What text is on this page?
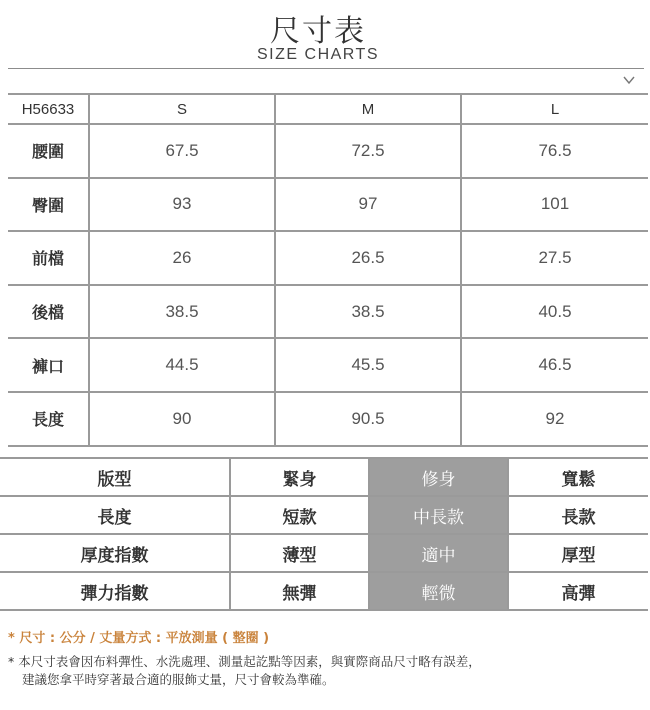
尺寸表
SIZE CHARTS
H56633	S	M	L
腰圍	67.5	72.5	76.5
臀圍	93	97	101
前檔	26	26.5	27.5
後檔	38.5	38.5	40.5
褲口	44.5	45.5	46.5
長度	90	90.5	92
版型	緊身	修身	寬鬆
長度	短款	中長款	長款
厚度指數	薄型	適中	厚型
彈力指數	無彈	輕微	高彈
* 尺寸 : 公分 / 丈量方式 : 平放測量 ( 整圈 )
* 本尺寸表會因布料彈性、水洗處理、測量起訖點等因素，與實際商品尺寸略有誤差，
建議您拿平時穿著最合適的服飾丈量，尺寸會較為準確。
